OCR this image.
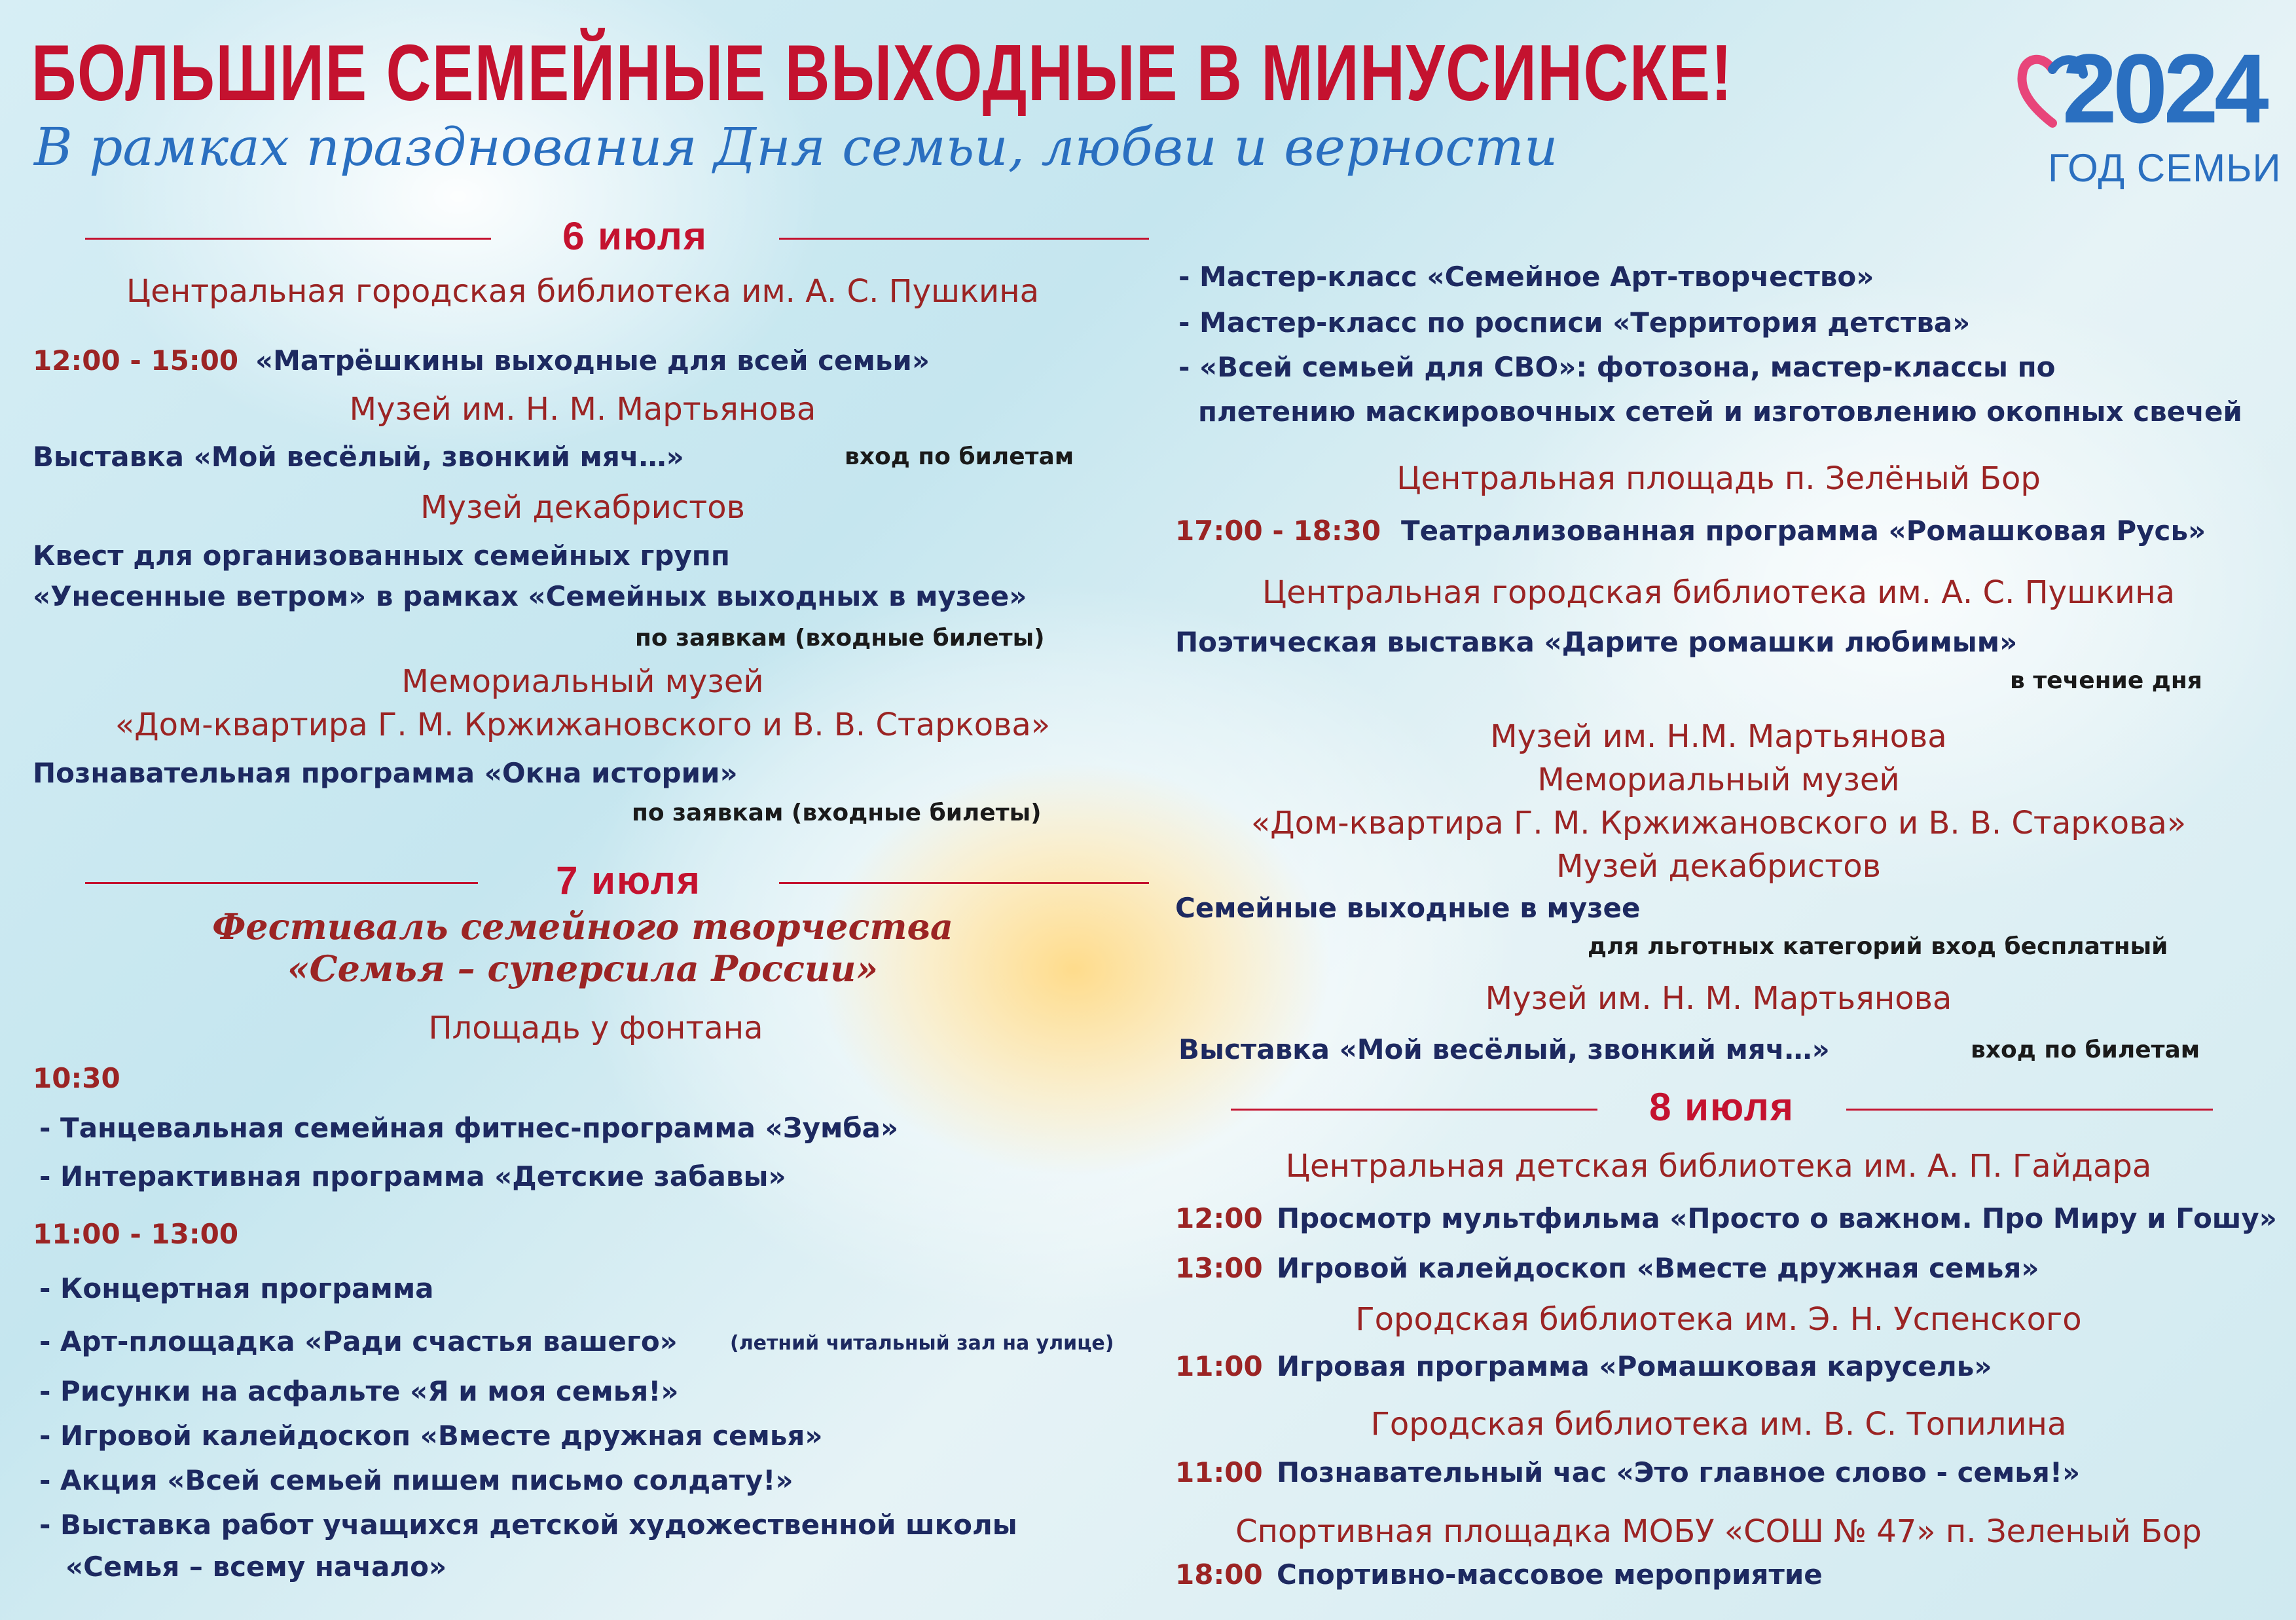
БОЛЬШИЕ СЕМЕЙНЫЕ ВЫХОДНЫЕ В МИНУСИНСКЕ!
В рамках празднования Дня семьи, любви и верности
2024
ГОД СЕМЬИ
6 июля
Центральная городская библиотека им. А. С. Пушкина
12:00 - 15:00 «Матрёшкины выходные для всей семьи»
Музей им. Н. М. Мартьянова
Выставка «Мой весёлый, звонкий мяч…»	вход по билетам
Музей декабристов
Квест для организованных семейных групп
«Унесенные ветром» в рамках «Семейных выходных в музее»
по заявкам (входные билеты)
Мемориальный музей
«Дом-квартира Г. М. Кржижановского и В. В. Старкова»
Познавательная программа «Окна истории»
по заявкам (входные билеты)
7 июля
Фестиваль семейного творчества
«Семья – суперсила России»
Площадь у фонтана
10:30
- Танцевальная семейная фитнес-программа «Зумба»
- Интерактивная программа «Детские забавы»
11:00 - 13:00
- Концертная программа
- Арт-площадка «Ради счастья вашего»	(летний читальный зал на улице)
- Рисунки на асфальте «Я и моя семья!»
- Игровой калейдоскоп «Вместе дружная семья»
- Акция «Всей семьей пишем письмо солдату!»
- Выставка работ учащихся детской художественной школы
«Семья – всему начало»
- Мастер-класс «Семейное Арт-творчество»
- Мастер-класс по росписи «Территория детства»
- «Всей семьей для СВО»: фотозона, мастер-классы по
плетению маскировочных сетей и изготовлению окопных свечей
Центральная площадь п. Зелёный Бор
17:00 - 18:30 Театрализованная программа «Ромашковая Русь»
Центральная городская библиотека им. А. С. Пушкина
Поэтическая выставка «Дарите ромашки любимым»
в течение дня
Музей им. Н.М. Мартьянова
Мемориальный музей
«Дом-квартира Г. М. Кржижановского и В. В. Старкова»
Музей декабристов
Семейные выходные в музее
для льготных категорий вход бесплатный
Музей им. Н. М. Мартьянова
Выставка «Мой весёлый, звонкий мяч…»	вход по билетам
8 июля
Центральная детская библиотека им. А. П. Гайдара
12:00 Просмотр мультфильма «Просто о важном. Про Миру и Гошу»
13:00 Игровой калейдоскоп «Вместе дружная семья»
Городская библиотека им. Э. Н. Успенского
11:00 Игровая программа «Ромашковая карусель»
Городская библиотека им. В. С. Топилина
11:00 Познавательный час «Это главное слово - семья!»
Спортивная площадка МОБУ «СОШ № 47» п. Зеленый Бор
18:00 Спортивно-массовое мероприятие
